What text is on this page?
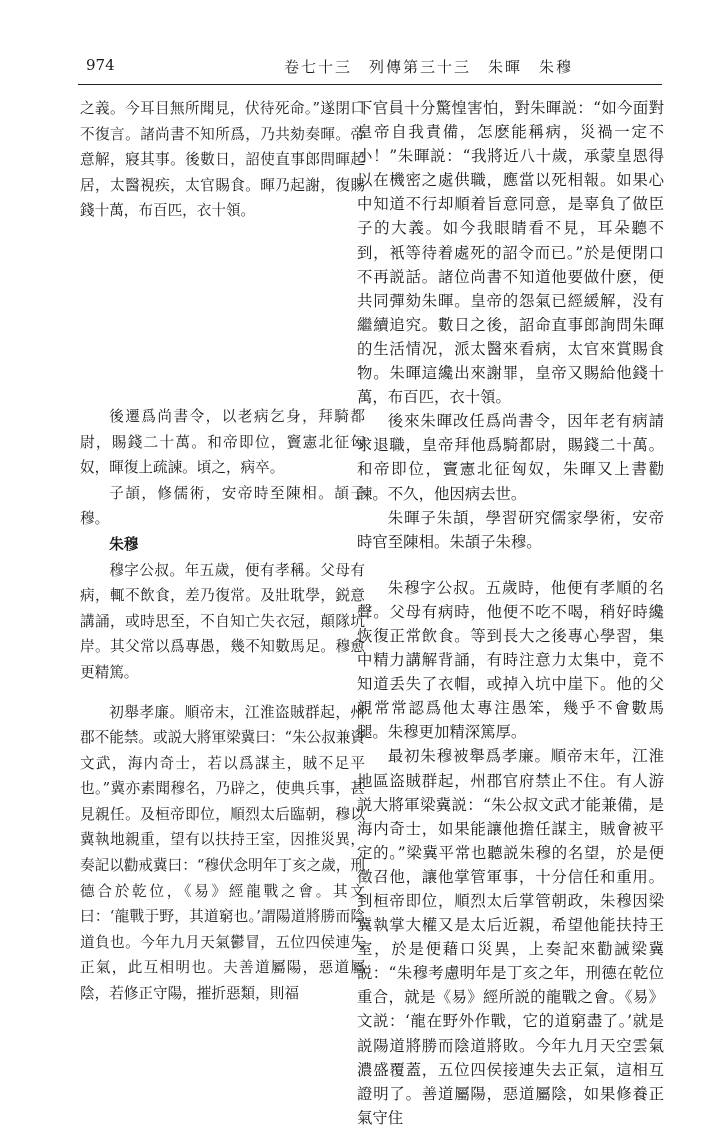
974	卷七十三　列傳第三十三　朱暉　朱穆

之義。今耳目無所聞見，伏待死命。”遂閉口不復言。諸尚書不知所爲，乃共劾奏暉。帝意解，寢其事。後數日，詔使直事郎問暉起居，太醫視疾，太官賜食。暉乃起謝，復賜錢十萬，布百匹，衣十領。

後遷爲尚書令，以老病乞身，拜騎都尉，賜錢二十萬。和帝即位，竇憲北征匈奴，暉復上疏諫。頃之，病卒。

子頡，修儒術，安帝時至陳相。頡子穆。

朱穆

穆字公叔。年五歲，便有孝稱。父母有病，輒不飲食，差乃復常。及壯耽學，鋭意講誦，或時思至，不自知亡失衣冠，顛隊坑岸。其父常以爲專愚，幾不知數馬足。穆愈更精篤。

初舉孝廉。順帝末，江淮盗賊群起，州郡不能禁。或説大將軍梁冀曰：“朱公叔兼資文武，海内奇士，若以爲謀主，賊不足平也。”冀亦素聞穆名，乃辟之，使典兵事，甚見親任。及桓帝即位，順烈太后臨朝，穆以冀執地親重，望有以扶持王室，因推災異，奏記以勸戒冀曰：“穆伏念明年丁亥之歲，刑德合於乾位，《易》經龍戰之會。其文曰：‘龍戰于野，其道窮也。’謂陽道將勝而陰道負也。今年九月天氣鬱冒，五位四侯連失正氣，此互相明也。夫善道屬陽，惡道屬陰，若修正守陽，摧折惡類，則福

下官員十分驚惶害怕，對朱暉説：“如今面對皇帝自我責備，怎麽能稱病，災禍一定不小！”朱暉説：“我將近八十歲，承蒙皇恩得以在機密之處供職，應當以死相報。如果心中知道不行却順着旨意同意，是辜負了做臣子的大義。如今我眼睛看不見，耳朵聽不到，衹等待着處死的詔令而已。”於是便閉口不再説話。諸位尚書不知道他要做什麽，便共同彈劾朱暉。皇帝的怨氣已經緩解，没有繼續追究。數日之後，詔命直事郎詢問朱暉的生活情况，派太醫來看病，太官來賞賜食物。朱暉這纔出來謝罪，皇帝又賜給他錢十萬，布百匹，衣十領。

後來朱暉改任爲尚書令，因年老有病請求退職，皇帝拜他爲騎都尉，賜錢二十萬。和帝即位，竇憲北征匈奴，朱暉又上書勸諫。不久，他因病去世。

朱暉子朱頡，學習研究儒家學術，安帝時官至陳相。朱頡子朱穆。

朱穆字公叔。五歲時，他便有孝順的名聲。父母有病時，他便不吃不喝，稍好時纔恢復正常飲食。等到長大之後專心學習，集中精力講解背誦，有時注意力太集中，竟不知道丢失了衣帽，或掉入坑中崖下。他的父親常常認爲他太專注愚笨，幾乎不會數馬腿。朱穆更加精深篤厚。

最初朱穆被舉爲孝廉。順帝末年，江淮地區盗賊群起，州郡官府禁止不住。有人游説大將軍梁冀説：“朱公叔文武才能兼備，是海内奇士，如果能讓他擔任謀主，賊會被平定的。”梁冀平常也聽説朱穆的名望，於是便徵召他，讓他掌管軍事，十分信任和重用。到桓帝即位，順烈太后掌管朝政，朱穆因梁冀執掌大權又是太后近親，希望他能扶持王室，於是便藉口災異，上奏記來勸誡梁冀説：“朱穆考慮明年是丁亥之年，刑德在乾位重合，就是《易》經所説的龍戰之會。《易》文説：‘龍在野外作戰，它的道窮盡了。’就是説陽道將勝而陰道將敗。今年九月天空雲氣濃盛覆蓋，五位四侯接連失去正氣，這相互證明了。善道屬陽，惡道屬陰，如果修養正氣守住
